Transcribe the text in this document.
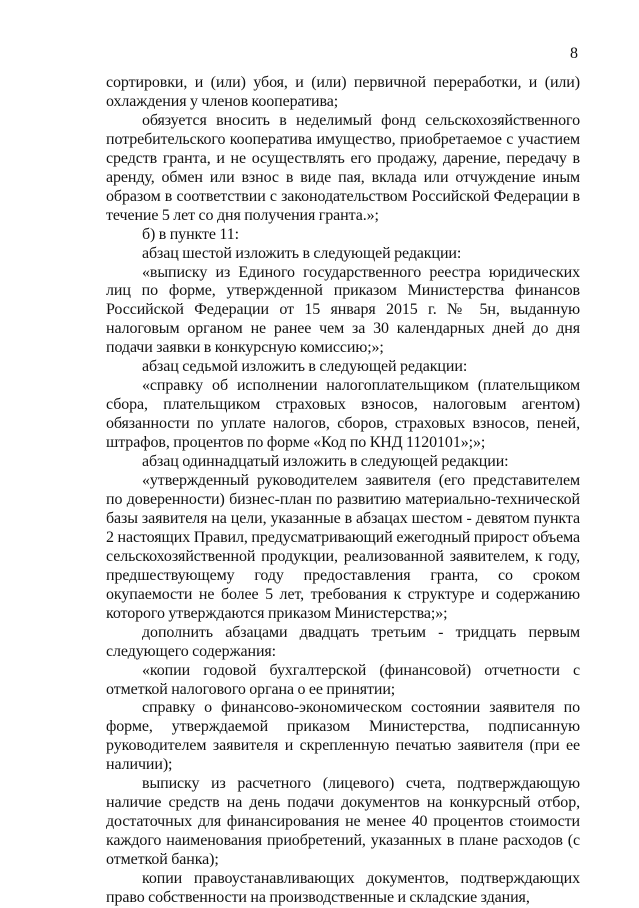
8

сортировки, и (или) убоя, и (или) первичной переработки, и (или) охлаждения у членов кооператива;

обязуется вносить в неделимый фонд сельскохозяйственного потребительского кооператива имущество, приобретаемое с участием средств гранта, и не осуществлять его продажу, дарение, передачу в аренду, обмен или взнос в виде пая, вклада или отчуждение иным образом в соответствии с законодательством Российской Федерации в течение 5 лет со дня получения гранта.»;

б) в пункте 11:

абзац шестой изложить в следующей редакции:

«выписку из Единого государственного реестра юридических лиц по форме, утвержденной приказом Министерства финансов Российской Федерации от 15 января 2015 г. № 5н, выданную налоговым органом не ранее чем за 30 календарных дней до дня подачи заявки в конкурсную комиссию;»;

абзац седьмой изложить в следующей редакции:

«справку об исполнении налогоплательщиком (плательщиком сбора, плательщиком страховых взносов, налоговым агентом) обязанности по уплате налогов, сборов, страховых взносов, пеней, штрафов, процентов по форме «Код по КНД 1120101»;»;

абзац одиннадцатый изложить в следующей редакции:

«утвержденный руководителем заявителя (его представителем по доверенности) бизнес-план по развитию материально-технической базы заявителя на цели, указанные в абзацах шестом - девятом пункта 2 настоящих Правил, предусматривающий ежегодный прирост объема сельскохозяйственной продукции, реализованной заявителем, к году, предшествующему году предоставления гранта, со сроком окупаемости не более 5 лет, требования к структуре и содержанию которого утверждаются приказом Министерства;»;

дополнить абзацами двадцать третьим - тридцать первым следующего содержания:

«копии годовой бухгалтерской (финансовой) отчетности с отметкой налогового органа о ее принятии;

справку о финансово-экономическом состоянии заявителя по форме, утверждаемой приказом Министерства, подписанную руководителем заявителя и скрепленную печатью заявителя (при ее наличии);

выписку из расчетного (лицевого) счета, подтверждающую наличие средств на день подачи документов на конкурсный отбор, достаточных для финансирования не менее 40 процентов стоимости каждого наименования приобретений, указанных в плане расходов (с отметкой банка);

копии правоустанавливающих документов, подтверждающих право собственности на производственные и складские здания,
